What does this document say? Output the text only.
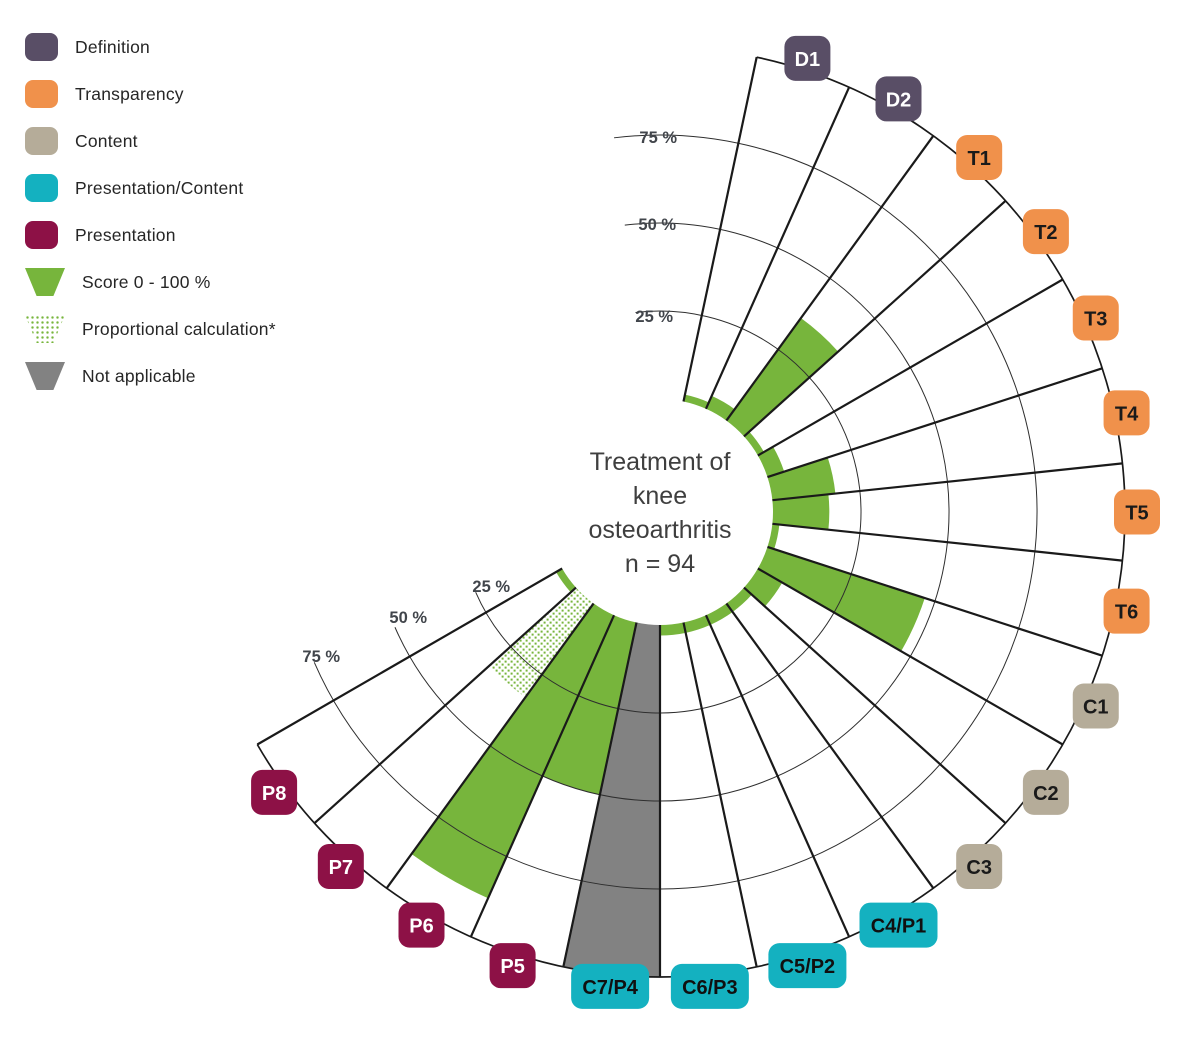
D1
D2
T1
T2
T3
T4
T5
T6
C1
C2
C3
C4/P1
C5/P2
C6/P3
C7/P4
P5
P6
P7
P8
75 %
50 %
25 %
25 %
50 %
75 %
Definition
Transparency
Content
Presentation/Content
Presentation
Score 0 - 100 %
Proportional calculation*
Not applicable
Treatment of
knee
osteoarthritis
n = 94
